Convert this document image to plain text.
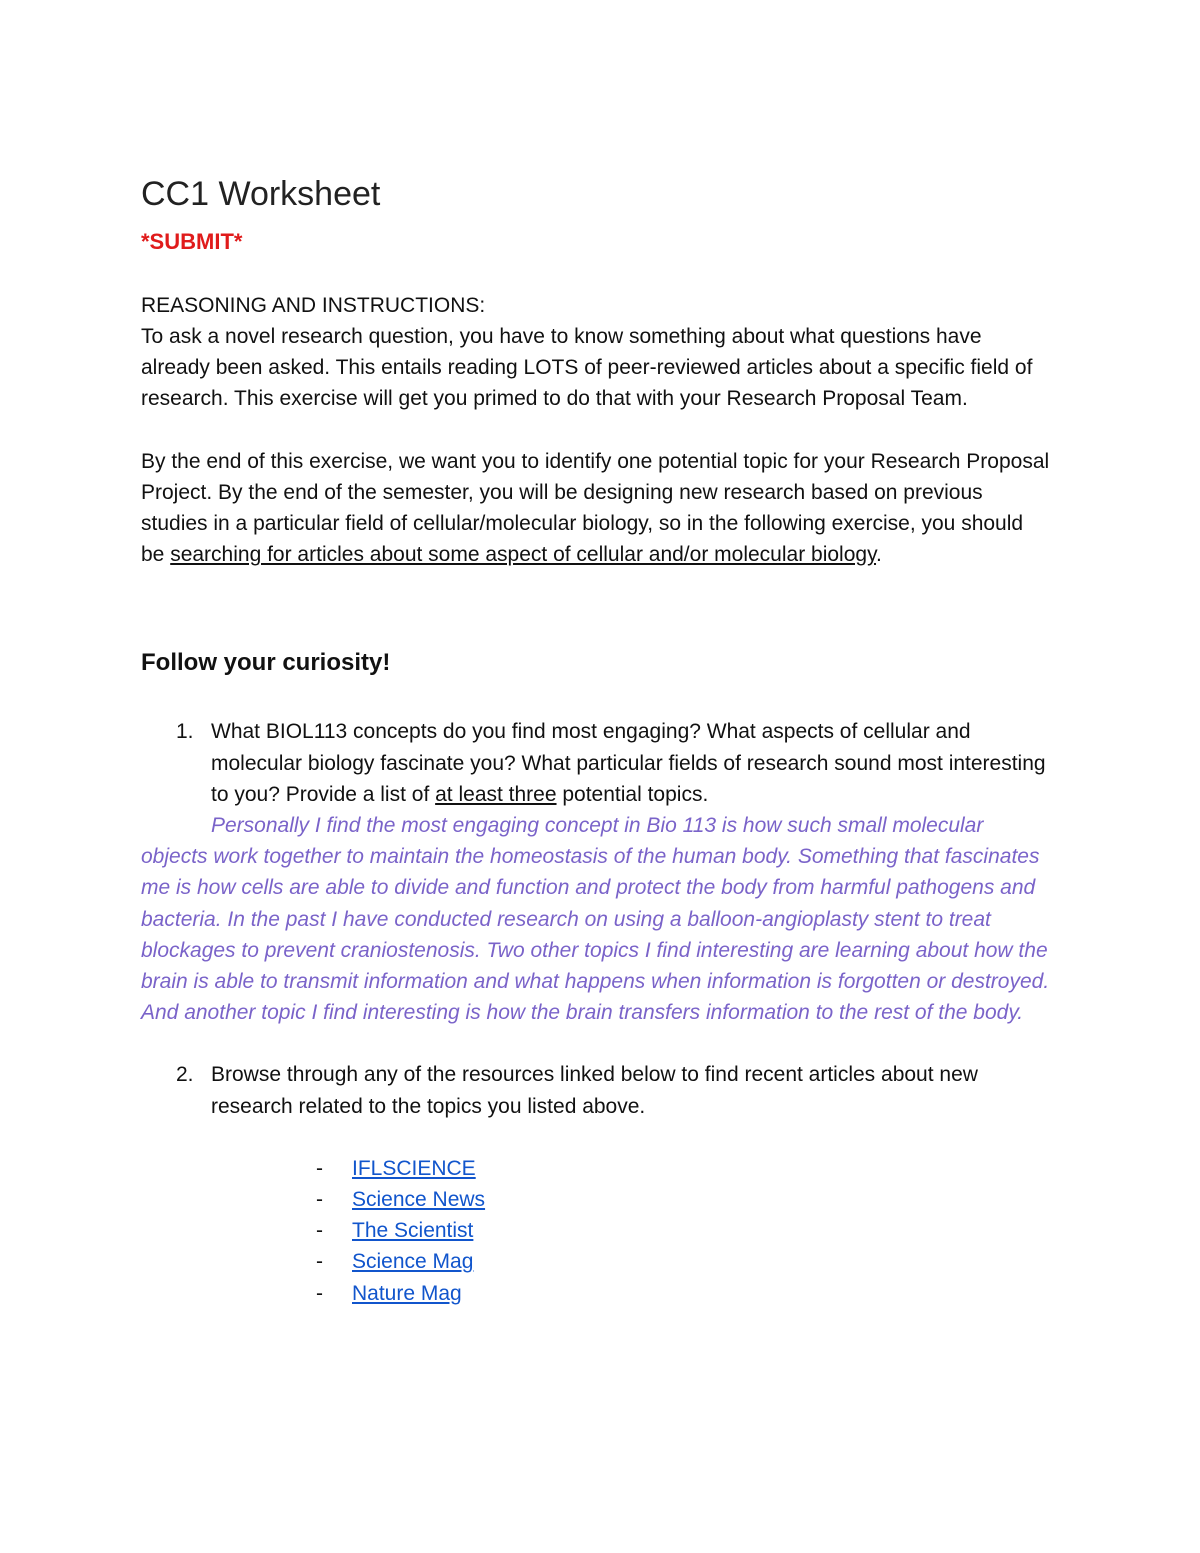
CC1 Worksheet
*SUBMIT*
REASONING AND INSTRUCTIONS:

To ask a novel research question, you have to know something about what questions have already been asked. This entails reading LOTS of peer-reviewed articles about a specific field of research. This exercise will get you primed to do that with your Research Proposal Team.

By the end of this exercise, we want you to identify one potential topic for your Research Proposal Project. By the end of the semester, you will be designing new research based on previous studies in a particular field of cellular/molecular biology, so in the following exercise, you should be searching for articles about some aspect of cellular and/or molecular biology.

Follow your curiosity!
1. What BIOL113 concepts do you find most engaging? What aspects of cellular and molecular biology fascinate you? What particular fields of research sound most interesting to you? Provide a list of at least three potential topics.

Personally I find the most engaging concept in Bio 113 is how such small molecular objects work together to maintain the homeostasis of the human body. Something that fascinates me is how cells are able to divide and function and protect the body from harmful pathogens and bacteria. In the past I have conducted research on using a balloon-angioplasty stent to treat blockages to prevent craniostenosis. Two other topics I find interesting are learning about how the brain is able to transmit information and what happens when information is forgotten or destroyed. And another topic I find interesting is how the brain transfers information to the rest of the body.

2. Browse through any of the resources linked below to find recent articles about new research related to the topics you listed above.
- IFLSCIENCE
- Science News
- The Scientist
- Science Mag
- Nature Mag
